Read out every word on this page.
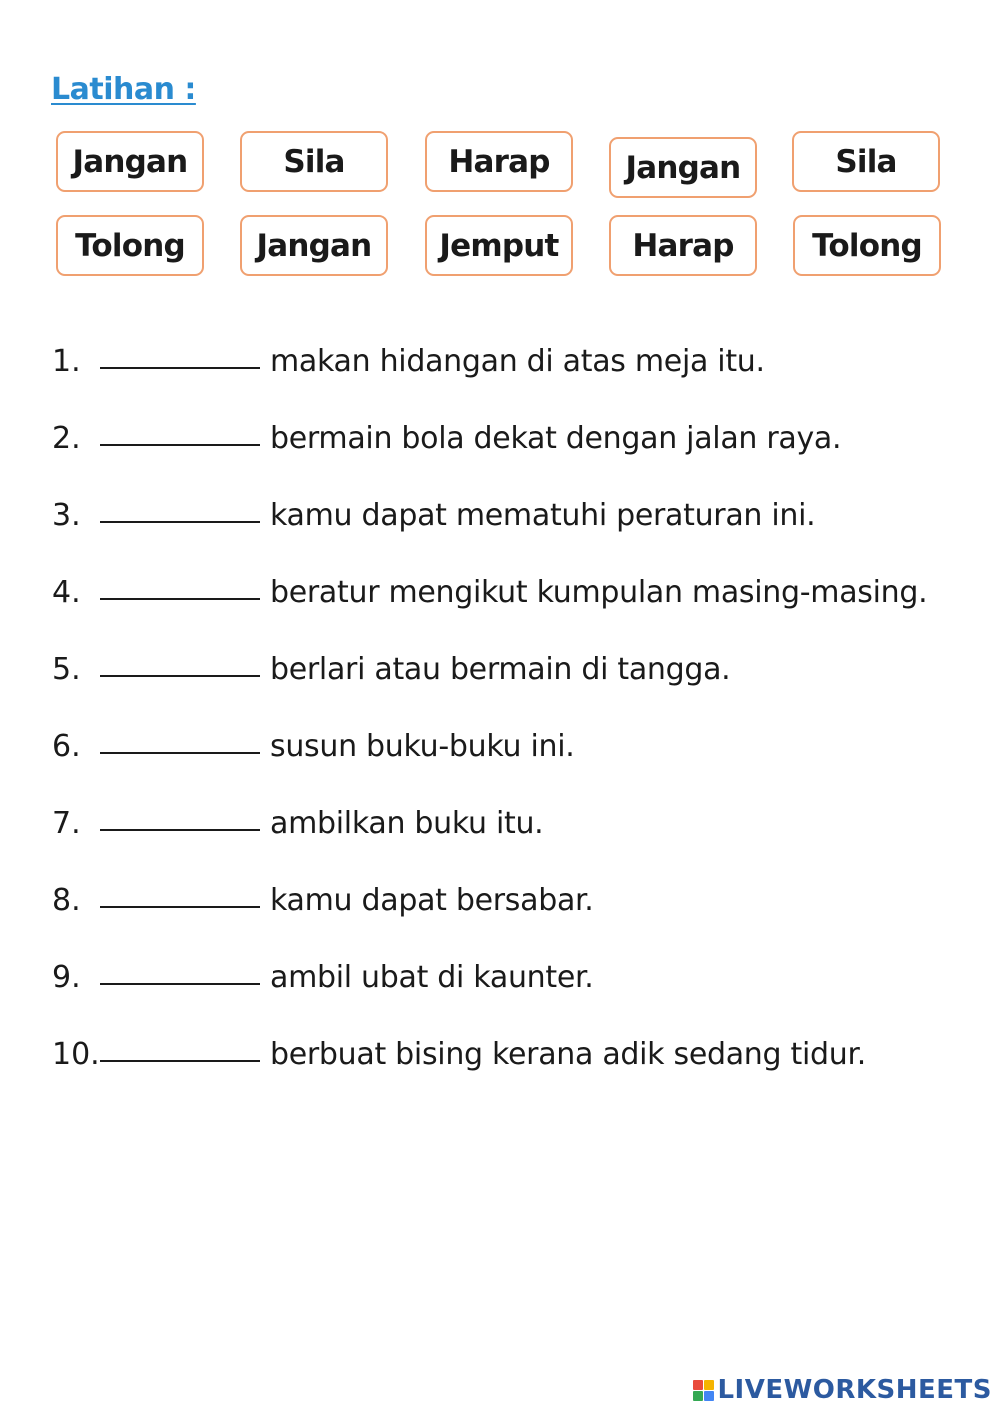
Latihan :
Jangan	Sila	Harap	Jangan	Sila
Tolong	Jangan	Jemput	Harap	Tolong
1.	makan hidangan di atas meja itu.
2.	bermain bola dekat dengan jalan raya.
3.	kamu dapat mematuhi peraturan ini.
4.	beratur mengikut kumpulan masing-masing.
5.	berlari atau bermain di tangga.
6.	susun buku-buku ini.
7.	ambilkan buku itu.
8.	kamu dapat bersabar.
9.	ambil ubat di kaunter.
10.	berbuat bising kerana adik sedang tidur.
LIVEWORKSHEETS
